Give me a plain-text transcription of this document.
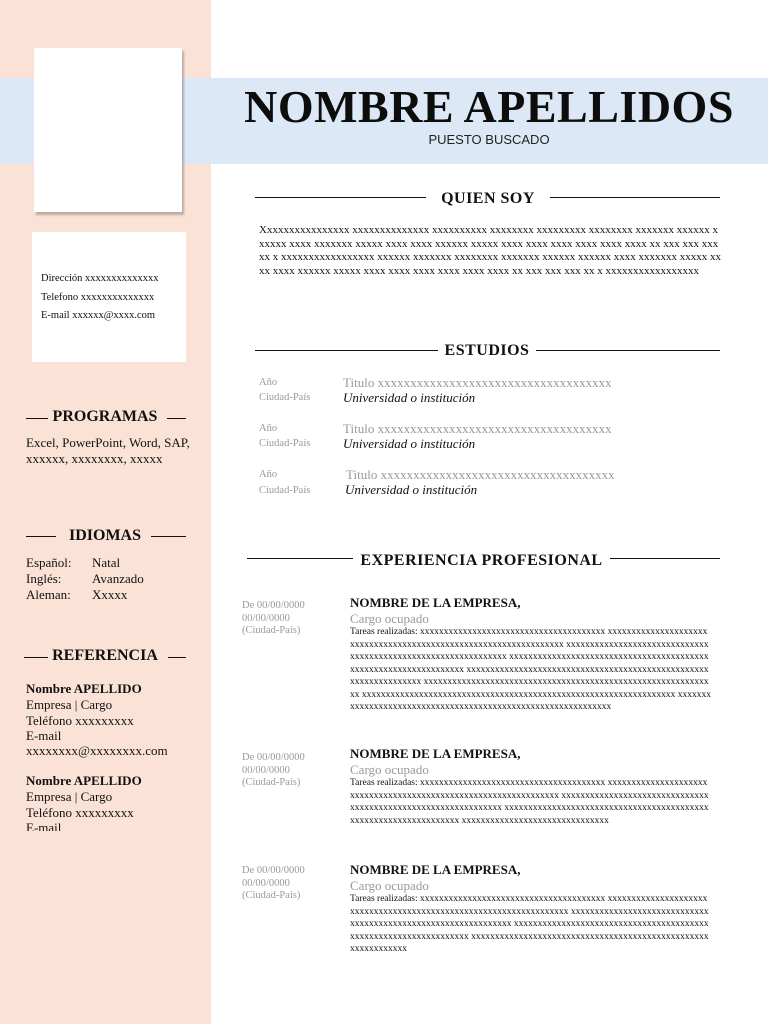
NOMBRE APELLIDOS
PUESTO BUSCADO
Dirección xxxxxxxxxxxxxx
Telefono xxxxxxxxxxxxxx
E-mail xxxxxx@xxxx.com
PROGRAMAS
Excel, PowerPoint, Word, SAP,
xxxxxx, xxxxxxxx, xxxxx
IDIOMAS
Español: Natal
Inglés: Avanzado
Aleman: Xxxxx
REFERENCIA
Nombre APELLIDO
Empresa | Cargo
Teléfono xxxxxxxxx
E-mail
xxxxxxxx@xxxxxxxx.com
Nombre APELLIDO
Empresa | Cargo
Teléfono xxxxxxxxx
E-mail
QUIEN SOY
Xxxxxxxxxxxxxxxx xxxxxxxxxxxxxx xxxxxxxxxx xxxxxxxx xxxxxxxxx xxxxxxxx xxxxxxx xxxxxx xxxxxx xxxx xxxxxxx xxxxx xxxx xxxx xxxxxx xxxxx xxxx xxxx xxxx xxxx xxxx xxxx xx xxx xxx xxx xx x xxxxxxxxxxxxxxxxx xxxxxx xxxxxxx xxxxxxxx xxxxxxx xxxxxx xxxxxx xxxx xxxxxxx xxxxx xxxx xxxx xxxxxx xxxxx xxxx xxxx xxxx xxxx xxxx xxxx xx xxx xxx xxx xx x xxxxxxxxxxxxxxxxx
ESTUDIOS
Año
Ciudad-País
Titulo xxxxxxxxxxxxxxxxxxxxxxxxxxxxxxxxxxxx
Universidad o institución
Año
Ciudad-País
Titulo xxxxxxxxxxxxxxxxxxxxxxxxxxxxxxxxxxxx
Universidad o institución
Año
Ciudad-País
Titulo xxxxxxxxxxxxxxxxxxxxxxxxxxxxxxxxxxxx
Universidad o institución
EXPERIENCIA PROFESIONAL
De 00/00/0000
00/00/0000
(Ciudad-País)
NOMBRE DE LA EMPRESA,
Cargo ocupado
Tareas realizadas: xxxxxxxxxxxxxxxxxxxxxxxxxxxxxxxxxxxxxxx xxxxxxxxxxxxxxxxxxxxxxxxxxxxxxxxxxxxxxxxxxxxxxxxxxxxxxxxxxxxxxxxxx xxxxxxxxxxxxxxxxxxxxxxxxxxxxxxxxxxxxxxxxxxxxxxxxxxxxxxxxxxxxxxx xxxxxxxxxxxxxxxxxxxxxxxxxxxxxxxxxxxxxxxxxxxxxxxxxxxxxxxxxxxxxxxxxx xxxxxxxxxxxxxxxxxxxxxxxxxxxxxxxxxxxxxxxxxxxxxxxxxxxxxxxxxxxxxxxxxx xxxxxxxxxxxxxxxxxxxxxxxxxxxxxxxxxxxxxxxxxxxxxxxxxxxxxxxxxxxxxx xxxxxxxxxxxxxxxxxxxxxxxxxxxxxxxxxxxxxxxxxxxxxxxxxxxxxxxxxxxxxxxxxx xxxxxxxxxxxxxxxxxxxxxxxxxxxxxxxxxxxxxxxxxxxxxxxxxxxxxxxxxxxxxx
De 00/00/0000
00/00/0000
(Ciudad-País)
NOMBRE DE LA EMPRESA,
Cargo ocupado
Tareas realizadas: xxxxxxxxxxxxxxxxxxxxxxxxxxxxxxxxxxxxxxx xxxxxxxxxxxxxxxxxxxxxxxxxxxxxxxxxxxxxxxxxxxxxxxxxxxxxxxxxxxxxxxxx xxxxxxxxxxxxxxxxxxxxxxxxxxxxxxxxxxxxxxxxxxxxxxxxxxxxxxxxxxxxxxx xxxxxxxxxxxxxxxxxxxxxxxxxxxxxxxxxxxxxxxxxxxxxxxxxxxxxxxxxxxxxxxxxx xxxxxxxxxxxxxxxxxxxxxxxxxxxxxxx
De 00/00/0000
00/00/0000
(Ciudad-País)
NOMBRE DE LA EMPRESA,
Cargo ocupado
Tareas realizadas: xxxxxxxxxxxxxxxxxxxxxxxxxxxxxxxxxxxxxxx xxxxxxxxxxxxxxxxxxxxxxxxxxxxxxxxxxxxxxxxxxxxxxxxxxxxxxxxxxxxxxxxxxx xxxxxxxxxxxxxxxxxxxxxxxxxxxxxxxxxxxxxxxxxxxxxxxxxxxxxxxxxxxxxxx xxxxxxxxxxxxxxxxxxxxxxxxxxxxxxxxxxxxxxxxxxxxxxxxxxxxxxxxxxxxxxxxxx xxxxxxxxxxxxxxxxxxxxxxxxxxxxxxxxxxxxxxxxxxxxxxxxxxxxxxxxxxxxxx
